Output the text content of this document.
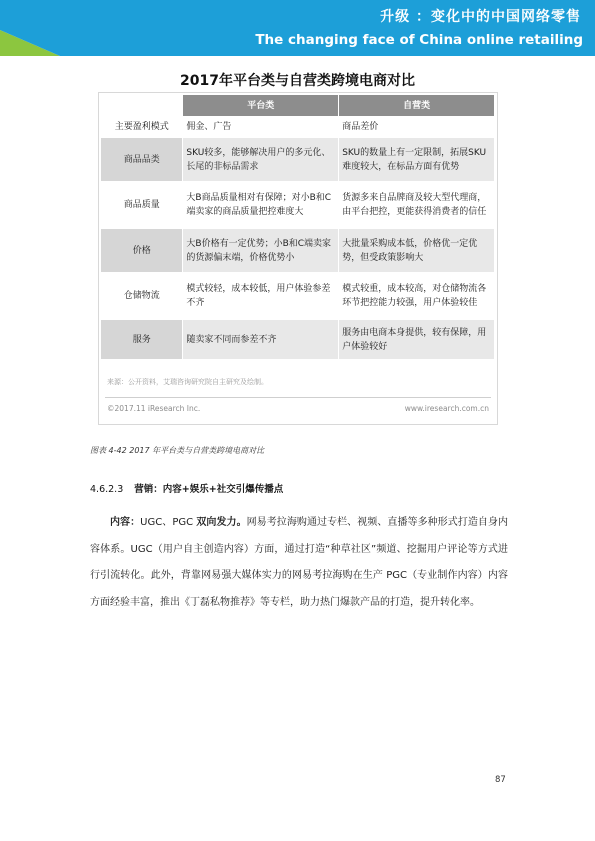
升级 ：变化中的中国网络零售
The changing face of China online retailing
2017年平台类与自营类跨境电商对比
	平台类	自营类
主要盈利模式	佣金、广告	商品差价
商品品类	SKU较多，能够解决用户的多元化、长尾的非标品需求	SKU的数量上有一定限制，拓展SKU难度较大，在标品方面有优势
商品质量	大B商品质量相对有保障；对小B和C端卖家的商品质量把控难度大	货源多来自品牌商及较大型代理商，由平台把控，更能获得消费者的信任
价格	大B价格有一定优势；小B和C端卖家的货源偏末端，价格优势小	大批量采购成本低，价格优一定优势，但受政策影响大
仓储物流	模式较轻，成本较低，用户体验参差不齐	模式较重，成本较高，对仓储物流各环节把控能力较强，用户体验较佳
服务	随卖家不同而参差不齐	服务由电商本身提供，较有保障，用户体验较好
来源：公开资料，艾瑞咨询研究院自主研究及绘制。
©2017.11 iResearch Inc.	www.iresearch.com.cn
图表 4-42 2017 年平台类与自营类跨境电商对比
4.6.2.3 营销：内容+娱乐+社交引爆传播点
内容：UGC、PGC 双向发力。网易考拉海购通过专栏、视频、直播等多种形式打造自身内容体系。UGC（用户自主创造内容）方面，通过打造“种草社区”频道、挖掘用户评论等方式进行引流转化。此外，背靠网易强大媒体实力的网易考拉海购在生产 PGC（专业制作内容）内容方面经验丰富，推出《丁磊私物推荐》等专栏，助力热门爆款产品的打造，提升转化率。
87
